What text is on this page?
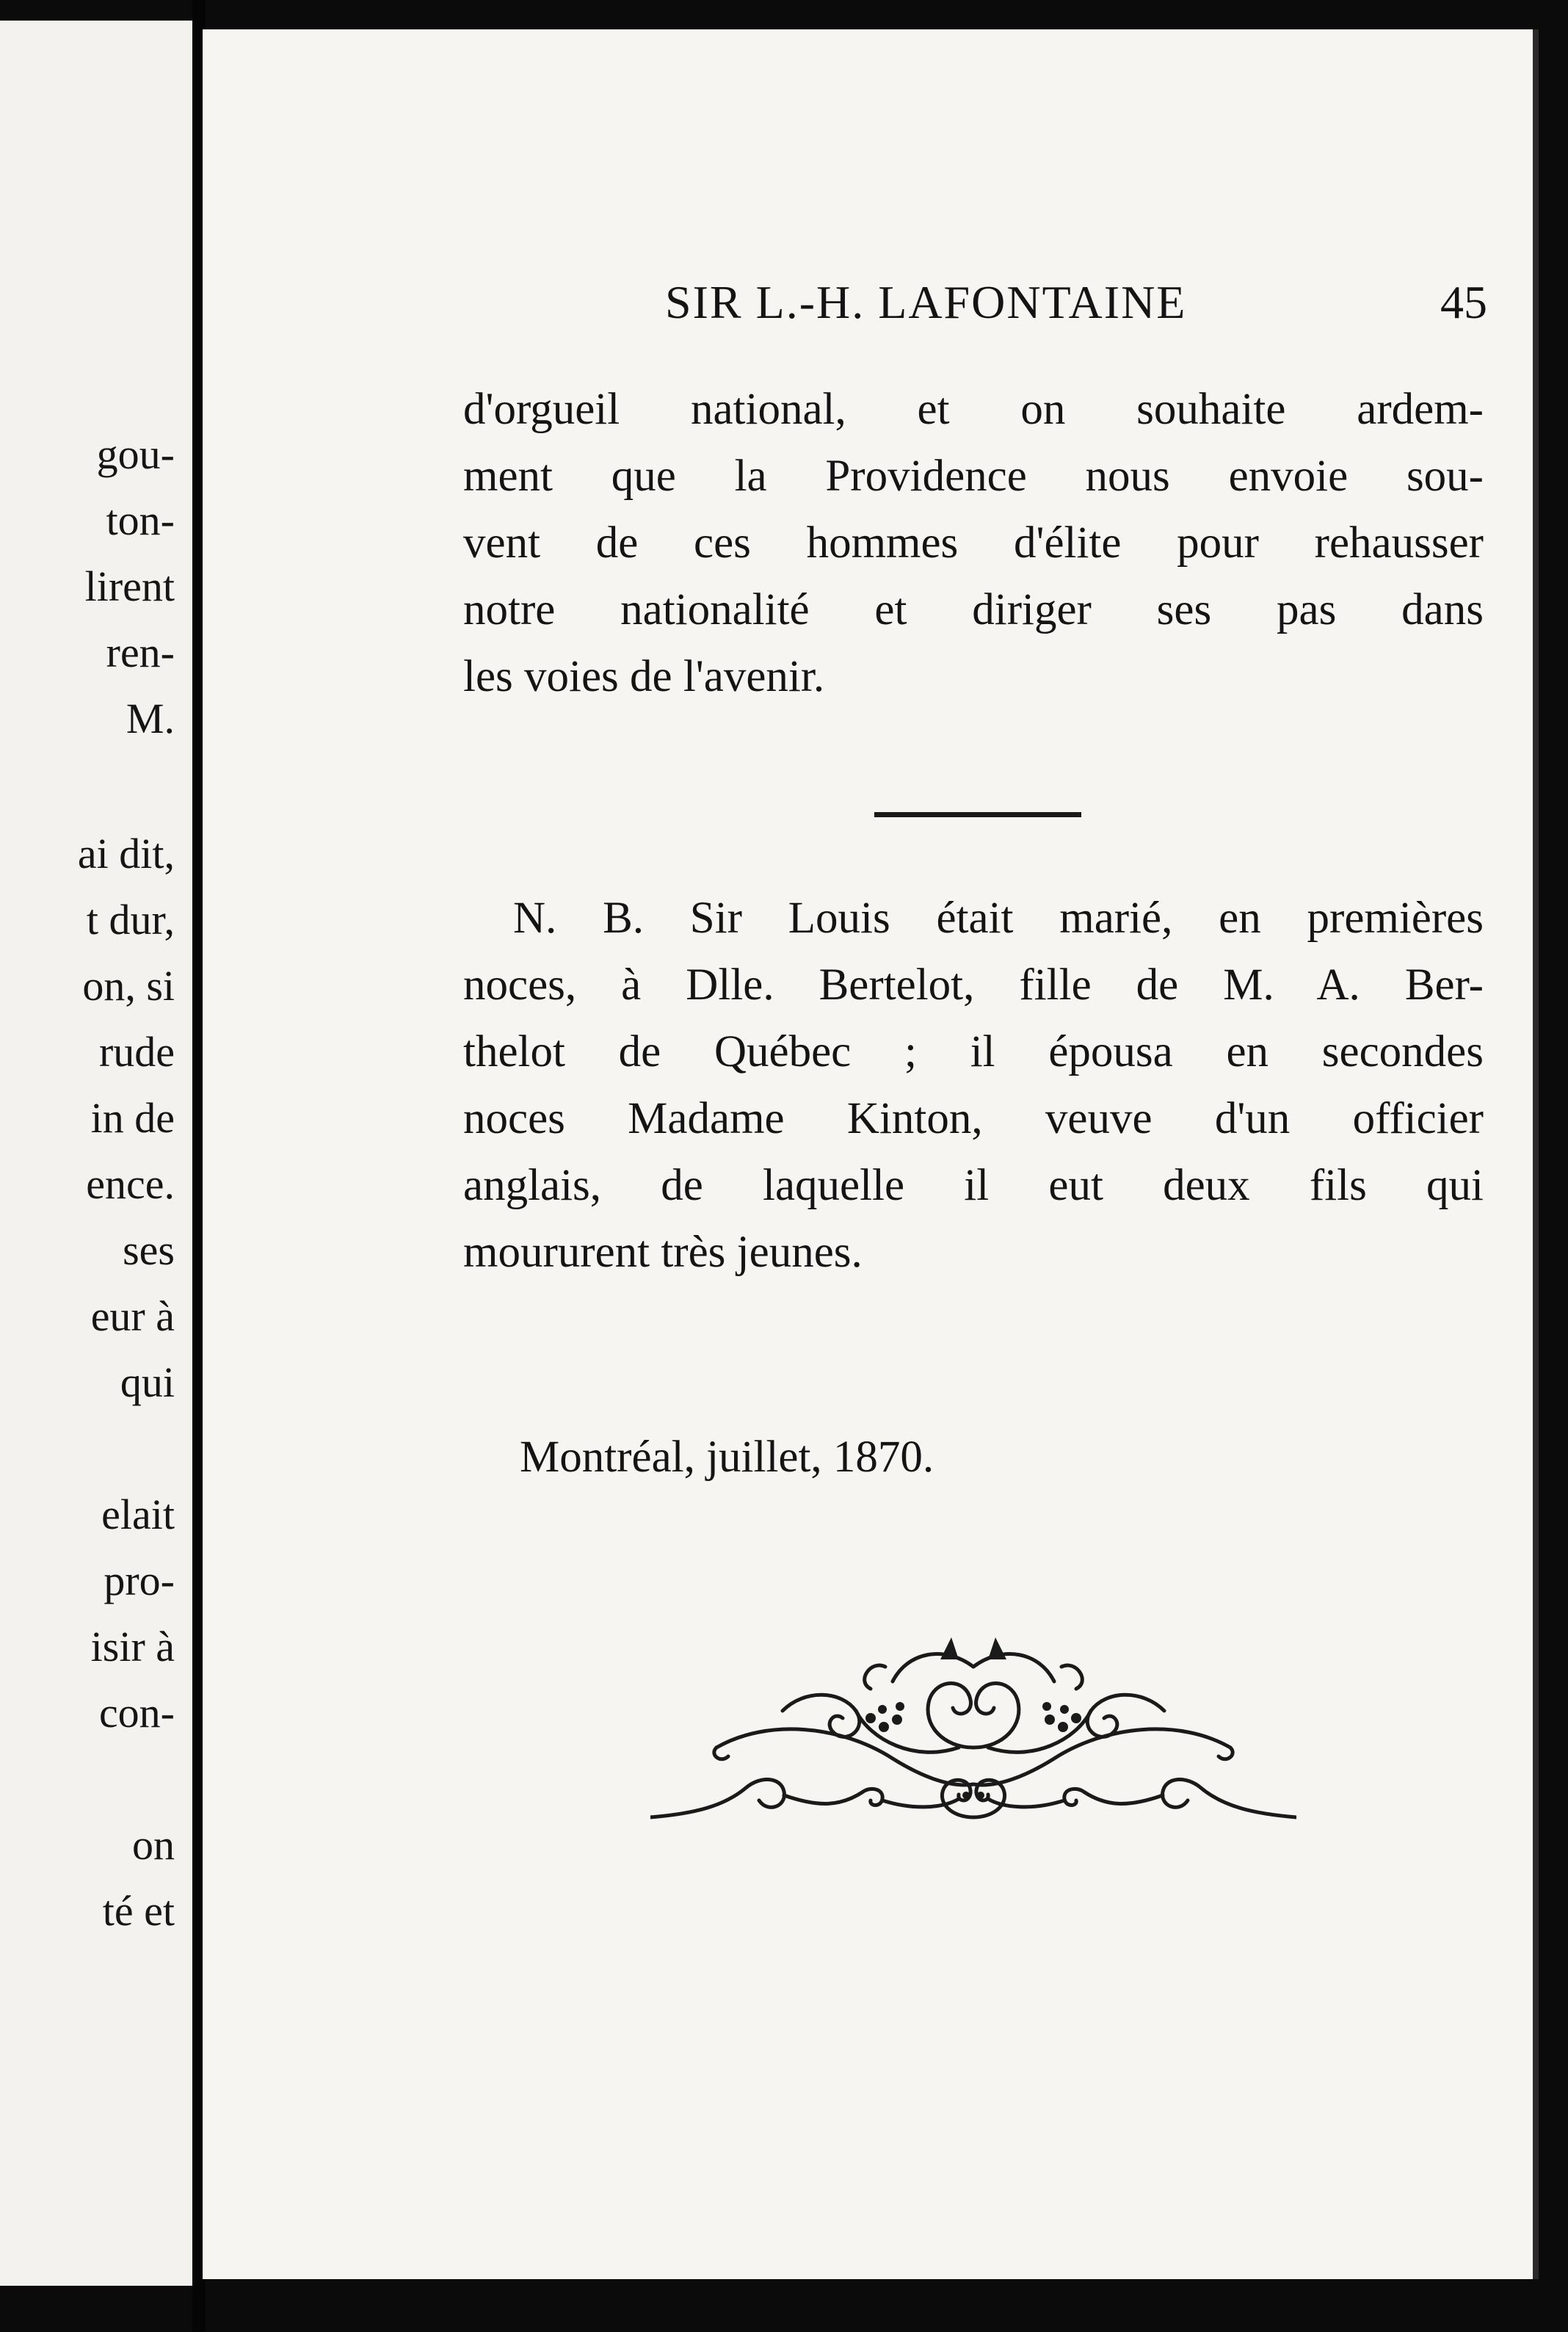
gou-
ton-
lirent
ren-
M.
ai dit,
t dur,
on, si
rude
in de
ence.
ses
eur à
qui
elait
pro-
isir à
con-
on
té et
SIR L.-H. LAFONTAINE	45
d'orgueil national, et on souhaite ardem-
ment que la Providence nous envoie sou-
vent de ces hommes d'élite pour rehausser
notre nationalité et diriger ses pas dans
les voies de l'avenir.
N. B. Sir Louis était marié, en premières
noces, à Dlle. Bertelot, fille de M. A. Ber-
thelot de Québec ; il épousa en secondes
noces Madame Kinton, veuve d'un officier
anglais, de laquelle il eut deux fils qui
moururent très jeunes.
Montréal, juillet, 1870.
